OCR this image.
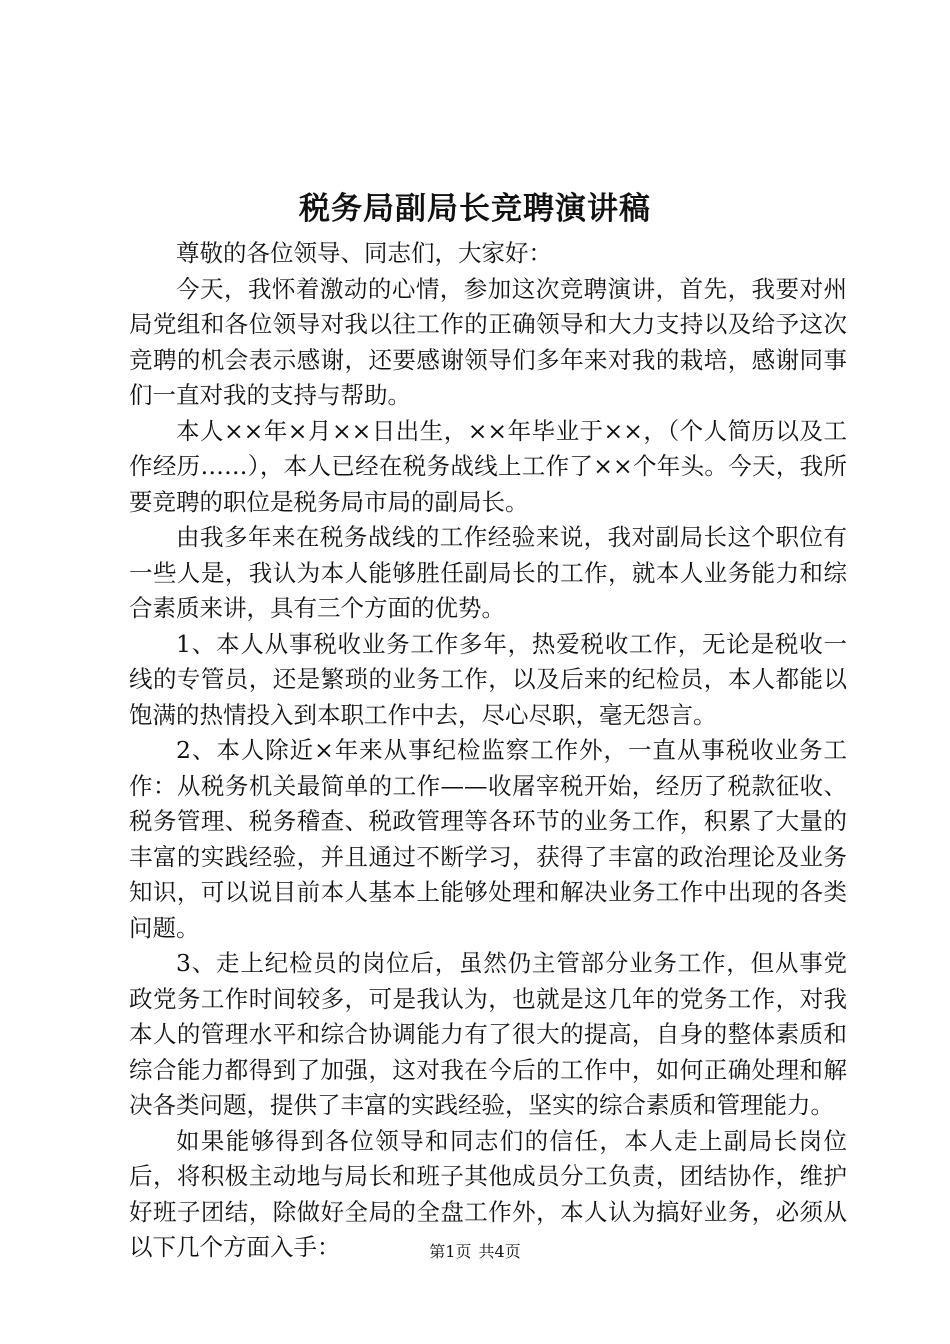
税务局副局长竞聘演讲稿

尊敬的各位领导、同志们，大家好：

今天，我怀着激动的心情，参加这次竞聘演讲，首先，我要对州局党组和各位领导对我以往工作的正确领导和大力支持以及给予这次竞聘的机会表示感谢，还要感谢领导们多年来对我的栽培，感谢同事们一直对我的支持与帮助。

本人××年×月××日出生，××年毕业于××，（个人简历以及工作经历……），本人已经在税务战线上工作了××个年头。今天，我所要竞聘的职位是税务局市局的副局长。

由我多年来在税务战线的工作经验来说，我对副局长这个职位有一些人是，我认为本人能够胜任副局长的工作，就本人业务能力和综合素质来讲，具有三个方面的优势。

1、本人从事税收业务工作多年，热爱税收工作，无论是税收一线的专管员，还是繁琐的业务工作，以及后来的纪检员，本人都能以饱满的热情投入到本职工作中去，尽心尽职，毫无怨言。

2、本人除近×年来从事纪检监察工作外，一直从事税收业务工作：从税务机关最简单的工作——收屠宰税开始，经历了税款征收、税务管理、税务稽查、税政管理等各环节的业务工作，积累了大量的丰富的实践经验，并且通过不断学习，获得了丰富的政治理论及业务知识，可以说目前本人基本上能够处理和解决业务工作中出现的各类问题。

3、走上纪检员的岗位后，虽然仍主管部分业务工作，但从事党政党务工作时间较多，可是我认为，也就是这几年的党务工作，对我本人的管理水平和综合协调能力有了很大的提高，自身的整体素质和综合能力都得到了加强，这对我在今后的工作中，如何正确处理和解决各类问题，提供了丰富的实践经验，坚实的综合素质和管理能力。

如果能够得到各位领导和同志们的信任，本人走上副局长岗位后，将积极主动地与局长和班子其他成员分工负责，团结协作，维护好班子团结，除做好全局的全盘工作外，本人认为搞好业务，必须从以下几个方面入手：	第1页 共4页
